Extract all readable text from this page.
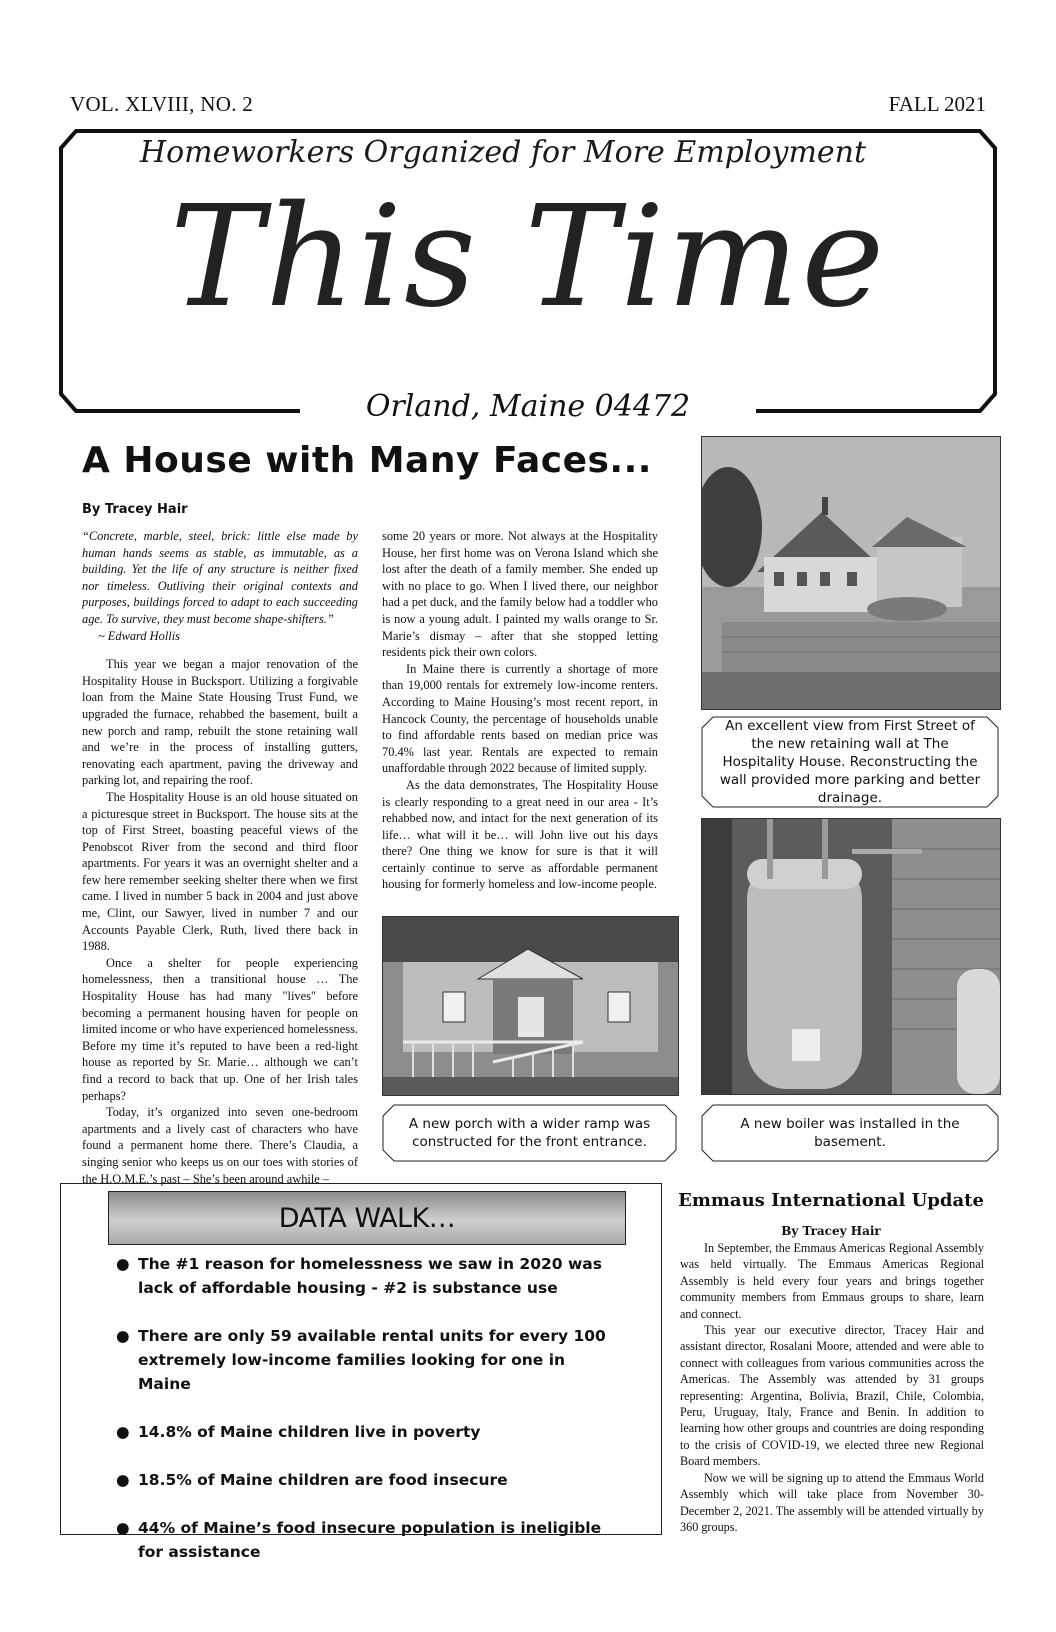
VOL. XLVIII, NO. 2	FALL 2021
Homeworkers Organized for More Employment
This Time
Orland, Maine 04472
A House with Many Faces...
By Tracey Hair

“Concrete, marble, steel, brick: little else made by human hands seems as stable, as immutable, as a building. Yet the life of any structure is neither fixed nor timeless. Outliving their original contexts and purposes, buildings forced to adapt to each succeeding age. To survive, they must become shape-shifters.”

~ Edward Hollis

This year we began a major renovation of the Hospitality House in Bucksport. Utilizing a forgivable loan from the Maine State Housing Trust Fund, we upgraded the furnace, rehabbed the basement, built a new porch and ramp, rebuilt the stone retaining wall and we’re in the process of installing gutters, renovating each apartment, paving the driveway and parking lot, and repairing the roof.

The Hospitality House is an old house situated on a picturesque street in Bucksport. The house sits at the top of First Street, boasting peaceful views of the Penobscot River from the second and third floor apartments. For years it was an overnight shelter and a few here remember seeking shelter there when we first came. I lived in number 5 back in 2004 and just above me, Clint, our Sawyer, lived in number 7 and our Accounts Payable Clerk, Ruth, lived there back in 1988.

Once a shelter for people experiencing homelessness, then a transitional house … The Hospitality House has had many "lives" before becoming a permanent housing haven for people on limited income or who have experienced homelessness. Before my time it’s reputed to have been a red-light house as reported by Sr. Marie… although we can’t find a record to back that up. One of her Irish tales perhaps?

Today, it’s organized into seven one-bedroom apartments and a lively cast of characters who have found a permanent home there. There’s Claudia, a singing senior who keeps us on our toes with stories of the H.O.M.E.’s past – She’s been around awhile –

some 20 years or more. Not always at the Hospitality House, her first home was on Verona Island which she lost after the death of a family member. She ended up with no place to go. When I lived there, our neighbor had a pet duck, and the family below had a toddler who is now a young adult. I painted my walls orange to Sr. Marie’s dismay – after that she stopped letting residents pick their own colors.

In Maine there is currently a shortage of more than 19,000 rentals for extremely low-income renters. According to Maine Housing’s most recent report, in Hancock County, the percentage of households unable to find affordable rents based on median price was 70.4% last year. Rentals are expected to remain unaffordable through 2022 because of limited supply.

As the data demonstrates, The Hospitality House is clearly responding to a great need in our area - It’s rehabbed now, and intact for the next generation of its life… what will it be… will John live out his days there? One thing we know for sure is that it will certainly continue to serve as affordable permanent housing for formerly homeless and low-income people.

An excellent view from First Street of the new retaining wall at The Hospitality House. Reconstructing the wall provided more parking and better drainage.
A new porch with a wider ramp was constructed for the front entrance.
A new boiler was installed in the basement.
DATA WALK…
● The #1 reason for homelessness we saw in 2020 was lack of affordable housing - #2 is substance use
● There are only 59 available rental units for every 100 extremely low-income families looking for one in Maine
● 14.8% of Maine children live in poverty
● 18.5% of Maine children are food insecure
● 44% of Maine’s food insecure population is ineligible for assistance
Emmaus International Update
By Tracey Hair

In September, the Emmaus Americas Regional Assembly was held virtually. The Emmaus Americas Regional Assembly is held every four years and brings together community members from Emmaus groups to share, learn and connect.

This year our executive director, Tracey Hair and assistant director, Rosalani Moore, attended and were able to connect with colleagues from various communities across the Americas. The Assembly was attended by 31 groups representing: Argentina, Bolivia, Brazil, Chile, Colombia, Peru, Uruguay, Italy, France and Benin. In addition to learning how other groups and countries are doing responding to the crisis of COVID-19, we elected three new Regional Board members.

Now we will be signing up to attend the Emmaus World Assembly which will take place from November 30-December 2, 2021. The assembly will be attended virtually by 360 groups.
